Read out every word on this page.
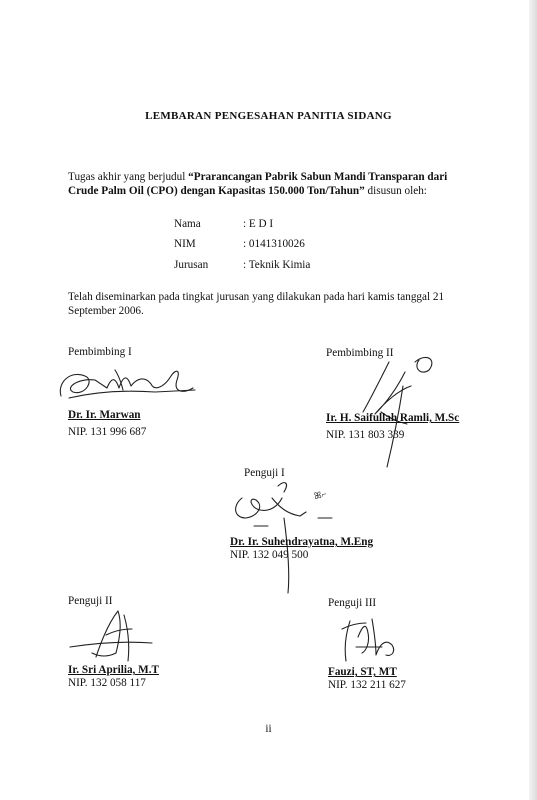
LEMBARAN PENGESAHAN PANITIA SIDANG
Tugas akhir yang berjudul “Prarancangan Pabrik Sabun Mandi Transparan dari Crude Palm Oil (CPO) dengan Kapasitas 150.000 Ton/Tahun” disusun oleh:
Nama	: E D I
NIM	: 0141310026
Jurusan	: Teknik Kimia
Telah diseminarkan pada tingkat jurusan yang dilakukan pada hari kamis tanggal 21 September 2006.
Pembimbing I
Dr. Ir. Marwan
NIP. 131 996 687
Pembimbing II
Ir. H. Saifullah Ramli, M.Sc
NIP. 131 803 339
Penguji I
ꕤ⌐
Dr. Ir. Suhendrayatna, M.Eng
NIP. 132 049 500
Penguji II
Ir. Sri Aprilia, M.T
NIP. 132 058 117
Penguji III
Fauzi, ST, MT
NIP. 132 211 627
ii
